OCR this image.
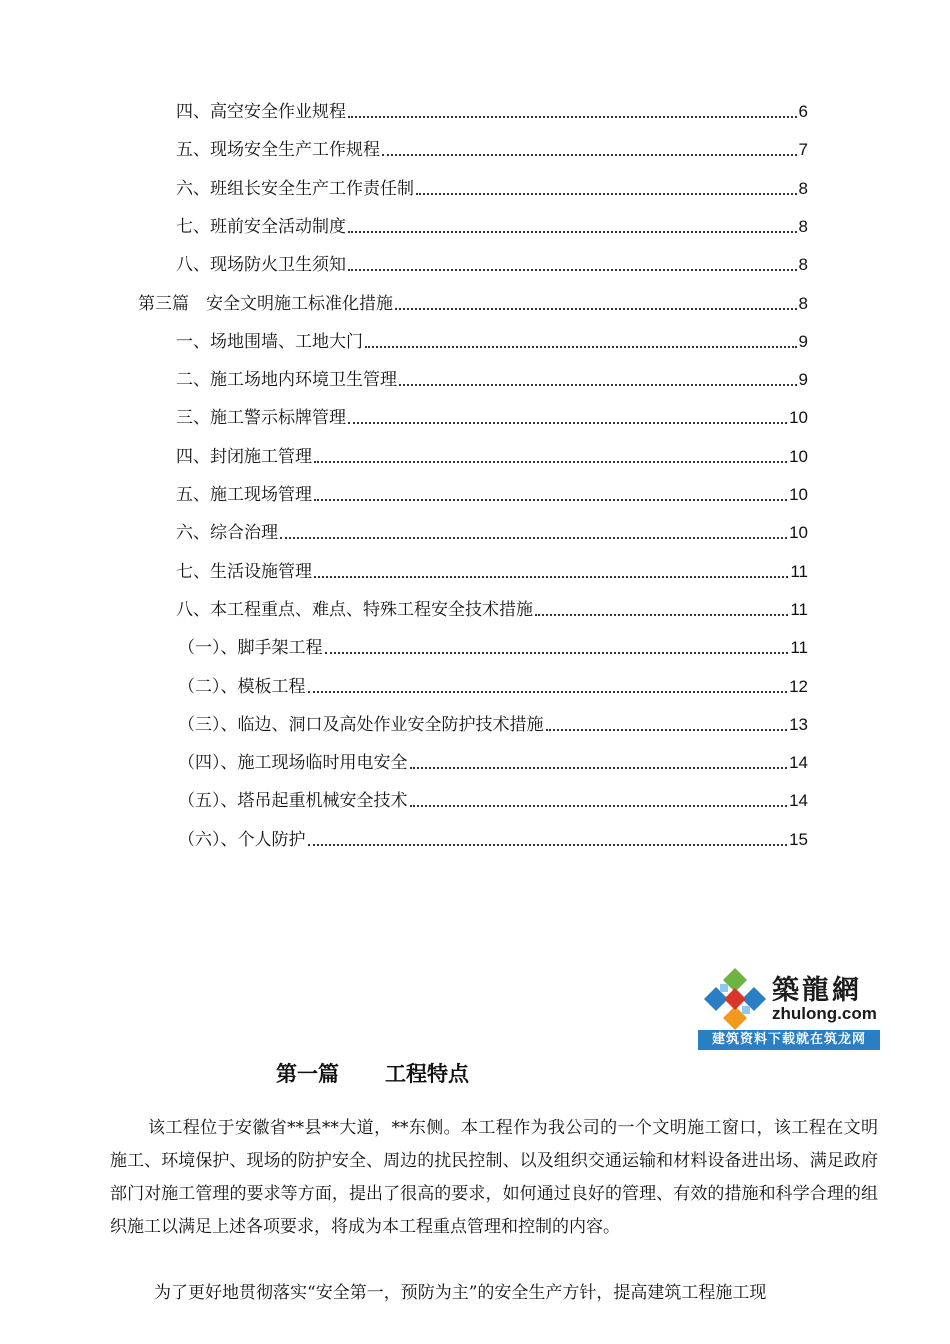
四、高空安全作业规程	6
五、现场安全生产工作规程	7
六、班组长安全生产工作责任制	8
七、班前安全活动制度	8
八、现场防火卫生须知	8
第三篇　安全文明施工标准化措施	8
一、场地围墙、工地大门	9
二、施工场地内环境卫生管理	9
三、施工警示标牌管理	10
四、封闭施工管理	10
五、施工现场管理	10
六、综合治理	10
七、生活设施管理	11
八、本工程重点、难点、特殊工程安全技术措施	11
（一）、脚手架工程	11
（二）、模板工程	12
（三）、临边、洞口及高处作业安全防护技术措施	13
（四）、施工现场临时用电安全	14
（五）、塔吊起重机械安全技术	14
（六）、个人防护	15
築龍網
zhulong.com
建筑资料下载就在筑龙网
第一篇 工程特点

该工程位于安徽省**县**大道，**东侧。本工程作为我公司的一个文明施工窗口，该工程在文明施工、环境保护、现场的防护安全、周边的扰民控制、以及组织交通运输和材料设备进出场、满足政府部门对施工管理的要求等方面，提出了很高的要求，如何通过良好的管理、有效的措施和科学合理的组织施工以满足上述各项要求，将成为本工程重点管理和控制的内容。

为了更好地贯彻落实“安全第一，预防为主”的安全生产方针，提高建筑工程施工现
